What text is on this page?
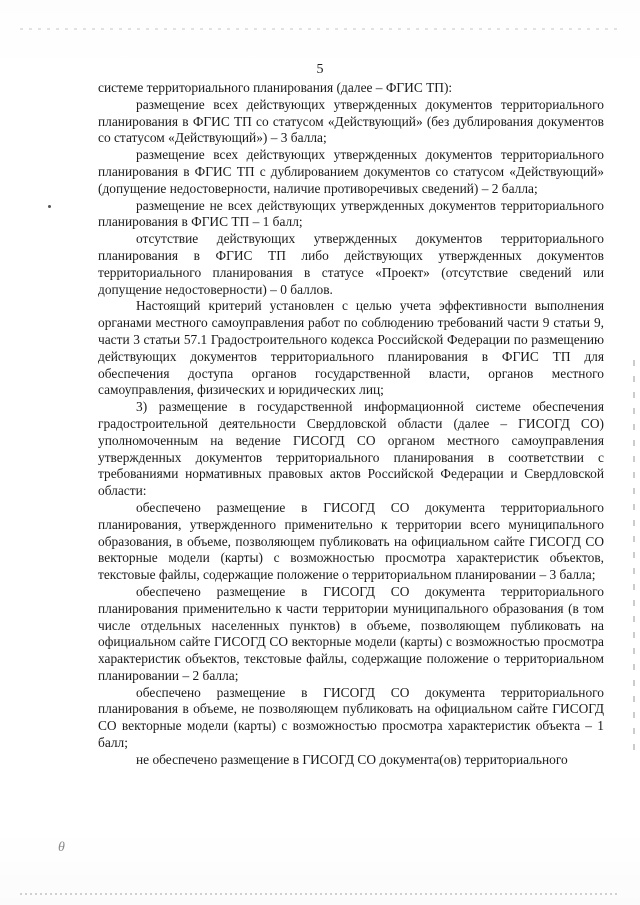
5

системе территориального планирования (далее – ФГИС ТП):

размещение всех действующих утвержденных документов территориального планирования в ФГИС ТП со статусом «Действующий» (без дублирования документов со статусом «Действующий») – 3 балла;

размещение всех действующих утвержденных документов территориального планирования в ФГИС ТП с дублированием документов со статусом «Действующий» (допущение недостоверности, наличие противоречивых сведений) – 2 балла;

размещение не всех действующих утвержденных документов территориального планирования в ФГИС ТП – 1 балл;

отсутствие действующих утвержденных документов территориального планирования в ФГИС ТП либо действующих утвержденных документов территориального планирования в статусе «Проект» (отсутствие сведений или допущение недостоверности) – 0 баллов.

Настоящий критерий установлен с целью учета эффективности выполнения органами местного самоуправления работ по соблюдению требований части 9 статьи 9, части 3 статьи 57.1 Градостроительного кодекса Российской Федерации по размещению действующих документов территориального планирования в ФГИС ТП для обеспечения доступа органов государственной власти, органов местного самоуправления, физических и юридических лиц;

3) размещение в государственной информационной системе обеспечения градостроительной деятельности Свердловской области (далее – ГИСОГД СО) уполномоченным на ведение ГИСОГД СО органом местного самоуправления утвержденных документов территориального планирования в соответствии с требованиями нормативных правовых актов Российской Федерации и Свердловской области:

обеспечено размещение в ГИСОГД СО документа территориального планирования, утвержденного применительно к территории всего муниципального образования, в объеме, позволяющем публиковать на официальном сайте ГИСОГД СО векторные модели (карты) с возможностью просмотра характеристик объектов, текстовые файлы, содержащие положение о территориальном планировании – 3 балла;

обеспечено размещение в ГИСОГД СО документа территориального планирования применительно к части территории муниципального образования (в том числе отдельных населенных пунктов) в объеме, позволяющем публиковать на официальном сайте ГИСОГД СО векторные модели (карты) с возможностью просмотра характеристик объектов, текстовые файлы, содержащие положение о территориальном планировании – 2 балла;

обеспечено размещение в ГИСОГД СО документа территориального планирования в объеме, не позволяющем публиковать на официальном сайте ГИСОГД СО векторные модели (карты) с возможностью просмотра характеристик объекта – 1 балл;

не обеспечено размещение в ГИСОГД СО документа(ов) территориального

θ
